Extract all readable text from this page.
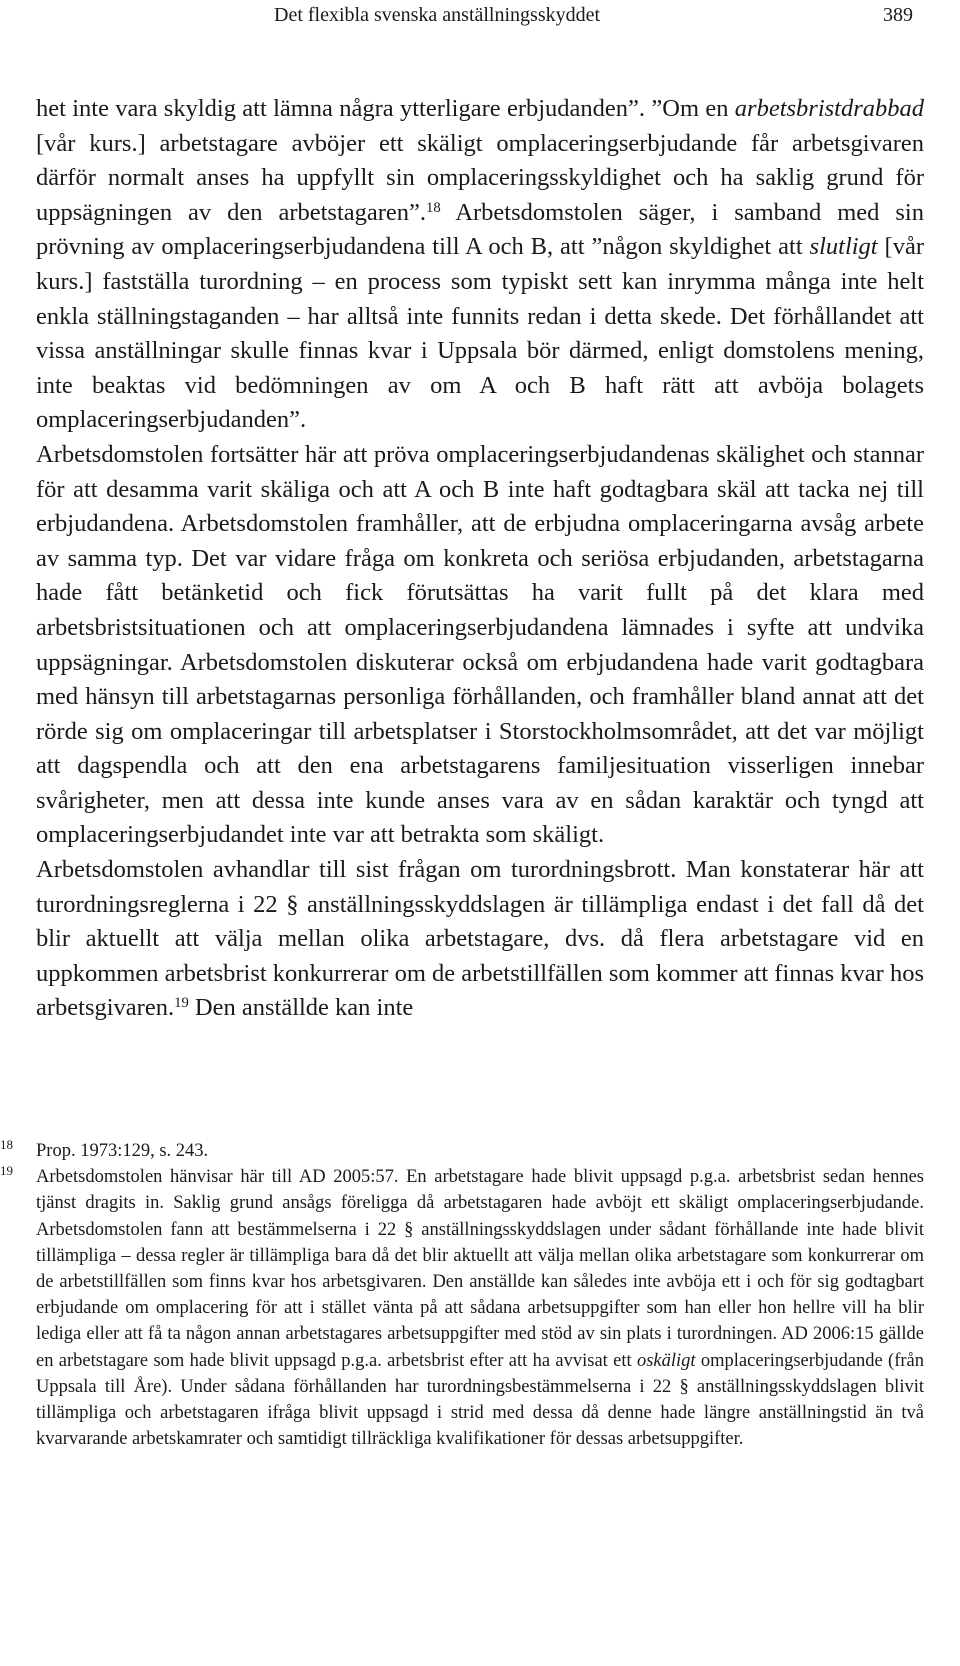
Det flexibla svenska anställningsskyddet	389

het inte vara skyldig att lämna några ytterligare erbjudanden”. ”Om en arbetsbristdrabbad [vår kurs.] arbetstagare avböjer ett skäligt omplaceringserbjudande får arbetsgivaren därför normalt anses ha uppfyllt sin omplaceringsskyldighet och ha saklig grund för uppsägningen av den arbetstagaren”.$^{18}$ Arbetsdomstolen säger, i samband med sin prövning av omplaceringserbjudandena till A och B, att ”någon skyldighet att slutligt [vår kurs.] fastställa turordning – en process som typiskt sett kan inrymma många inte helt enkla ställningstaganden – har alltså inte funnits redan i detta skede. Det förhållandet att vissa anställningar skulle finnas kvar i Uppsala bör därmed, enligt domstolens mening, inte beaktas vid bedömningen av om A och B haft rätt att avböja bolagets omplaceringserbjudanden”.

Arbetsdomstolen fortsätter här att pröva omplaceringserbjudandenas skälighet och stannar för att desamma varit skäliga och att A och B inte haft godtagbara skäl att tacka nej till erbjudandena. Arbetsdomstolen framhåller, att de erbjudna omplaceringarna avsåg arbete av samma typ. Det var vidare fråga om konkreta och seriösa erbjudanden, arbetstagarna hade fått betänketid och fick förutsättas ha varit fullt på det klara med arbetsbristsituationen och att omplaceringserbjudandena lämnades i syfte att undvika uppsägningar. Arbetsdomstolen diskuterar också om erbjudandena hade varit godtagbara med hänsyn till arbetstagarnas personliga förhållanden, och framhåller bland annat att det rörde sig om omplaceringar till arbetsplatser i Storstockholmsområdet, att det var möjligt att dagspendla och att den ena arbetstagarens familjesituation visserligen innebar svårigheter, men att dessa inte kunde anses vara av en sådan karaktär och tyngd att omplaceringserbjudandet inte var att betrakta som skäligt.

Arbetsdomstolen avhandlar till sist frågan om turordningsbrott. Man konstaterar här att turordningsreglerna i 22 § anställningsskyddslagen är tillämpliga endast i det fall då det blir aktuellt att välja mellan olika arbetstagare, dvs. då flera arbetstagare vid en uppkommen arbetsbrist konkurrerar om de arbetstillfällen som kommer att finnas kvar hos arbetsgivaren.$^{19}$ Den anställde kan inte

18	Prop. 1973:129, s. 243.
19	Arbetsdomstolen hänvisar här till AD 2005:57. En arbetstagare hade blivit uppsagd p.g.a. arbetsbrist sedan hennes tjänst dragits in. Saklig grund ansågs föreligga då arbetstagaren hade avböjt ett skäligt omplaceringserbjudande. Arbetsdomstolen fann att bestämmelserna i 22 § anställningsskyddslagen under sådant förhållande inte hade blivit tillämpliga – dessa regler är tillämpliga bara då det blir aktuellt att välja mellan olika arbetstagare som konkurrerar om de arbetstillfällen som finns kvar hos arbetsgivaren. Den anställde kan således inte avböja ett i och för sig godtagbart erbjudande om omplacering för att i stället vänta på att sådana arbetsuppgifter som han eller hon hellre vill ha blir lediga eller att få ta någon annan arbetstagares arbetsuppgifter med stöd av sin plats i turordningen. AD 2006:15 gällde en arbetstagare som hade blivit uppsagd p.g.a. arbetsbrist efter att ha avvisat ett oskäligt omplaceringserbjudande (från Uppsala till Åre). Under sådana förhållanden har turordningsbestämmelserna i 22 § anställningsskyddslagen blivit tillämpliga och arbetstagaren ifråga blivit uppsagd i strid med dessa då denne hade längre anställningstid än två kvarvarande arbetskamrater och samtidigt tillräckliga kvalifikationer för dessas arbetsuppgifter.
